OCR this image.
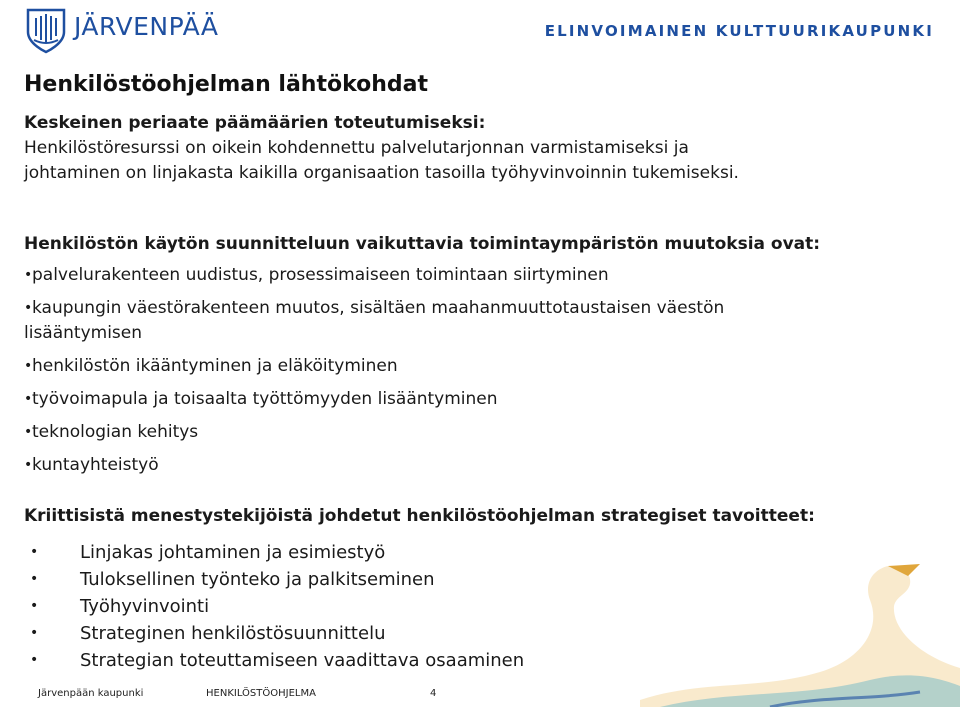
JÄRVENPÄÄ	ELINVOIMAINEN KULTTUURIKAUPUNKI
Henkilöstöohjelman lähtökohdat
Keskeinen periaate päämäärien toteutumiseksi:
Henkilöstöresurssi on oikein kohdennettu palvelutarjonnan varmistamiseksi ja
johtaminen on linjakasta kaikilla organisaation tasoilla työhyvinvoinnin tukemiseksi.
Henkilöstön käytön suunnitteluun vaikuttavia toimintaympäristön muutoksia ovat:
• palvelurakenteen uudistus, prosessimaiseen toimintaan siirtyminen
• kaupungin väestörakenteen muutos, sisältäen maahanmuuttotaustaisen väestön
lisääntymisen
• henkilöstön ikääntyminen ja eläköityminen
• työvoimapula ja toisaalta työttömyyden lisääntyminen
• teknologian kehitys
• kuntayhteistyö
Kriittisistä menestystekijöistä johdetut henkilöstöohjelman strategiset tavoitteet:
•	Linjakas johtaminen ja esimiestyö
•	Tuloksellinen työnteko ja palkitseminen
•	Työhyvinvointi
•	Strateginen henkilöstösuunnittelu
•	Strategian toteuttamiseen vaadittava osaaminen
Järvenpään kaupunki	HENKILÖSTÖOHJELMA	4
